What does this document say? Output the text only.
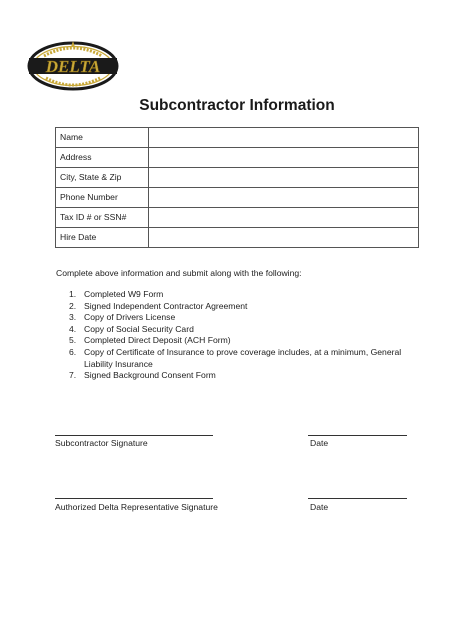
DELTA
Subcontractor Information
Name	
Address	
City, State & Zip	
Phone Number	
Tax ID # or SSN#	
Hire Date	
Complete above information and submit along with the following:
1. Completed W9 Form
2. Signed Independent Contractor Agreement
3. Copy of Drivers License
4. Copy of Social Security Card
5. Completed Direct Deposit (ACH Form)
6. Copy of Certificate of Insurance to prove coverage includes, at a minimum, General Liability Insurance
7. Signed Background Consent Form
Subcontractor Signature	Date
Authorized Delta Representative Signature	Date
